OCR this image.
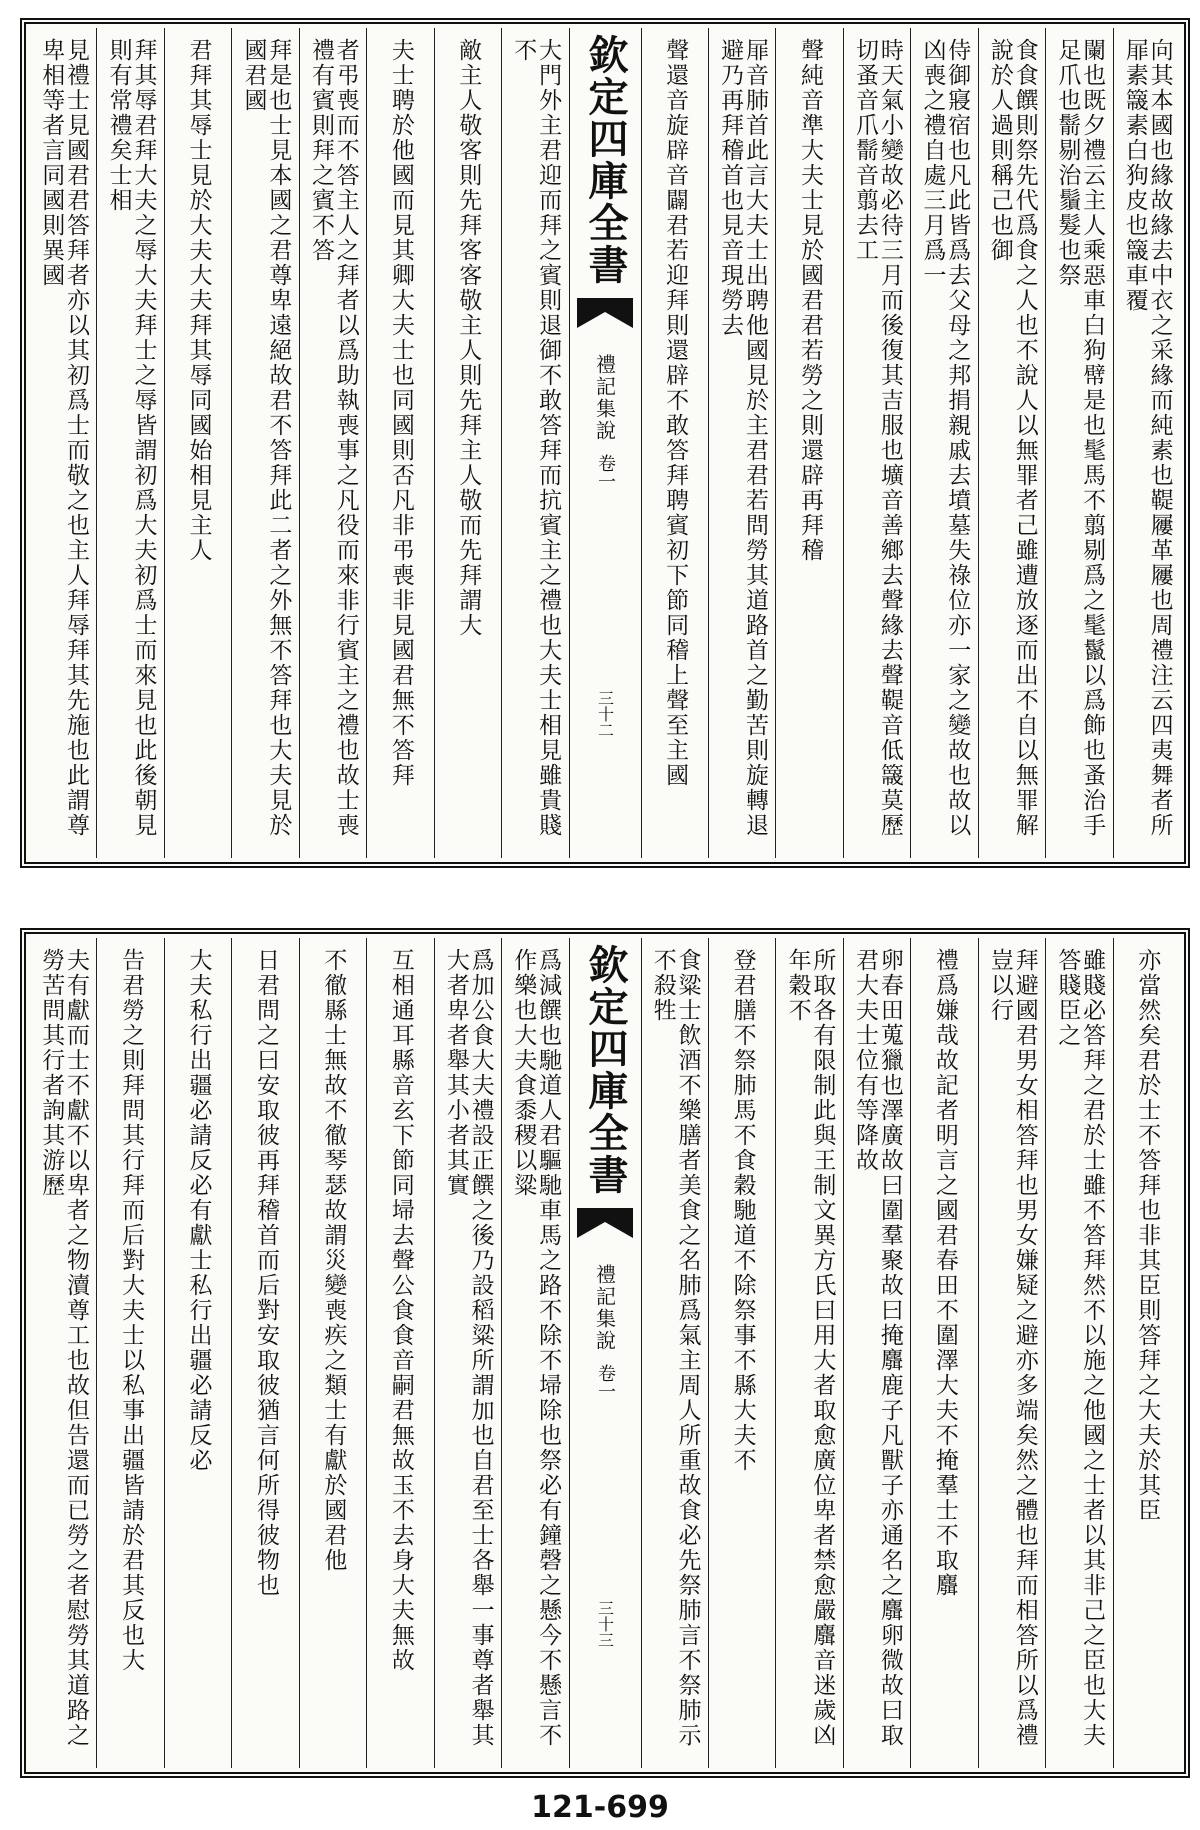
向其本國也緣故緣去中衣之采緣而純素也鞮屨革屨也周禮注云四夷舞者所屝素簚素白狗皮也簚車覆
闌也既夕禮云主人乘惡車白狗幦是也髦馬不翦剔爲之髦鬣以爲飾也蚤治手足爪也鬋剔治鬚髮也祭
食食饌則祭先代爲食之人也不說人以無罪者己雖遭放逐而出不自以無罪解說於人過則稱己也御
侍御寢宿也凡此皆爲去父母之邦捐親戚去墳墓失祿位亦一家之變故也故以凶喪之禮自處三月爲一
時天氣小變故必待三月而後復其吉服也壙音善鄉去聲緣去聲鞮音低簚莫歷切蚤音爪鬋音翦去工
聲純音準大夫士見於國君君若勞之則還辟再拜稽
屝音肺首此言大夫士出聘他國見於主君君若問勞其道路首之勤苦則旋轉退避乃再拜稽首也見音現勞去
聲還音旋辟音闢君若迎拜則還辟不敢答拜聘賓初下節同稽上聲至主國
欽定四庫全書
禮記集說
卷一
三十二
大門外主君迎而拜之賓則退御不敢答拜而抗賓主之禮也大夫士相見雖貴賤不
敵主人敬客則先拜客客敬主人則先拜主人敬而先拜謂大
夫士聘於他國而見其卿大夫士也同國則否凡非弔喪非見國君無不答拜
者弔喪而不答主人之拜者以爲助執喪事之凡役而來非行賓主之禮也故士喪禮有賓則拜之賓不答
拜是也士見本國之君尊卑遠絕故君不答拜此二者之外無不答拜也大夫見於國君國
君拜其辱士見於大夫大夫拜其辱同國始相見主人
拜其辱君拜大夫之辱大夫拜士之辱皆謂初爲大夫初爲士而來見也此後朝見則有常禮矣士相
見禮士見國君君答拜者亦以其初爲士而敬之也主人拜辱拜其先施也此謂尊卑相等者言同國則異國
亦當然矣君於士不答拜也非其臣則答拜之大夫於其臣
雖賤必答拜之君於士雖不答拜然不以施之他國之士者以其非己之臣也大夫答賤臣之
拜避國君男女相答拜也男女嫌疑之避亦多端矣然之體也拜而相答所以爲禮豈以行
禮爲嫌哉故記者明言之國君春田不圍澤大夫不掩羣士不取麛
卵春田蒐獵也澤廣故曰圍羣聚故曰掩麛鹿子凡獸子亦通名之麛卵微故曰取君大夫士位有等降故
所取各有限制此與王制文異方氏曰用大者取愈廣位卑者禁愈嚴麛音迷歲凶年穀不
登君膳不祭肺馬不食穀馳道不除祭事不縣大夫不
食粱士飲酒不樂膳者美食之名肺爲氣主周人所重故食必先祭肺言不祭肺示不殺牲
欽定四庫全書
禮記集說
卷一
三十三
爲減饌也馳道人君驅馳車馬之路不除不埽除也祭必有鐘磬之懸今不懸言不作樂也大夫食黍稷以粱
爲加公食大夫禮設正饌之後乃設稻粱所謂加也自君至士各舉一事尊者舉其大者卑者舉其小者其實
互相通耳縣音玄下節同埽去聲公食食音嗣君無故玉不去身大夫無故
不徹縣士無故不徹琴瑟故謂災變喪疾之類士有獻於國君他
日君問之曰安取彼再拜稽首而后對安取彼猶言何所得彼物也
大夫私行出疆必請反必有獻士私行出疆必請反必
告君勞之則拜問其行拜而后對大夫士以私事出疆皆請於君其反也大
夫有獻而士不獻不以卑者之物瀆尊工也故但告還而已勞之者慰勞其道路之勞苦問其行者詢其游歷
121-699
